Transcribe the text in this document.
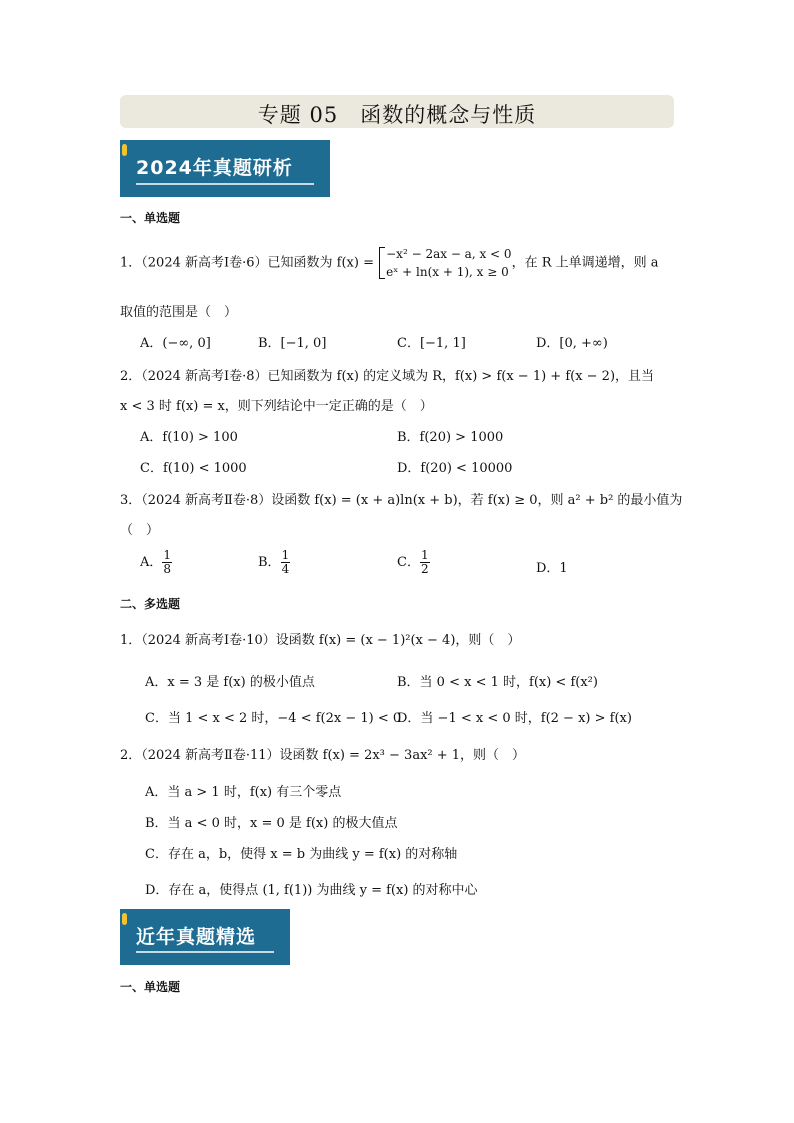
专题 05　函数的概念与性质
2024年真题研析
一、单选题
1．（2024 新高考Ⅰ卷·6）已知函数为 f(x) =
−x² − 2ax − a, x < 0
eˣ + ln(x + 1), x ≥ 0
，在 R 上单调递增，则 a
取值的范围是（　）
A．(−∞, 0]	B．[−1, 0]	C．[−1, 1]	D．[0, +∞)
2．（2024 新高考Ⅰ卷·8）已知函数为 f(x) 的定义域为 R，f(x) > f(x − 1) + f(x − 2)，且当
x < 3 时 f(x) = x，则下列结论中一定正确的是（　）
A．f(10) > 100	B．f(20) > 1000
C．f(10) < 1000	D．f(20) < 10000
3．（2024 新高考Ⅱ卷·8）设函数 f(x) = (x + a)ln(x + b)，若 f(x) ≥ 0，则 a² + b² 的最小值为
（　）
A． $\frac{1}{8}$	B． $\frac{1}{4}$	C． $\frac{1}{2}$	D．1
二、多选题
1．（2024 新高考Ⅰ卷·10）设函数 f(x) = (x − 1)²(x − 4)，则（　）
A．x = 3 是 f(x) 的极小值点	B．当 0 < x < 1 时，f(x) < f(x²)
C．当 1 < x < 2 时，−4 < f(2x − 1) < 0
D．当 −1 < x < 0 时，f(2 − x) > f(x)
2．（2024 新高考Ⅱ卷·11）设函数 f(x) = 2x³ − 3ax² + 1，则（　）
A．当 a > 1 时，f(x) 有三个零点
B．当 a < 0 时，x = 0 是 f(x) 的极大值点
C．存在 a，b，使得 x = b 为曲线 y = f(x) 的对称轴
D．存在 a，使得点 (1, f(1)) 为曲线 y = f(x) 的对称中心
近年真题精选
一、单选题
